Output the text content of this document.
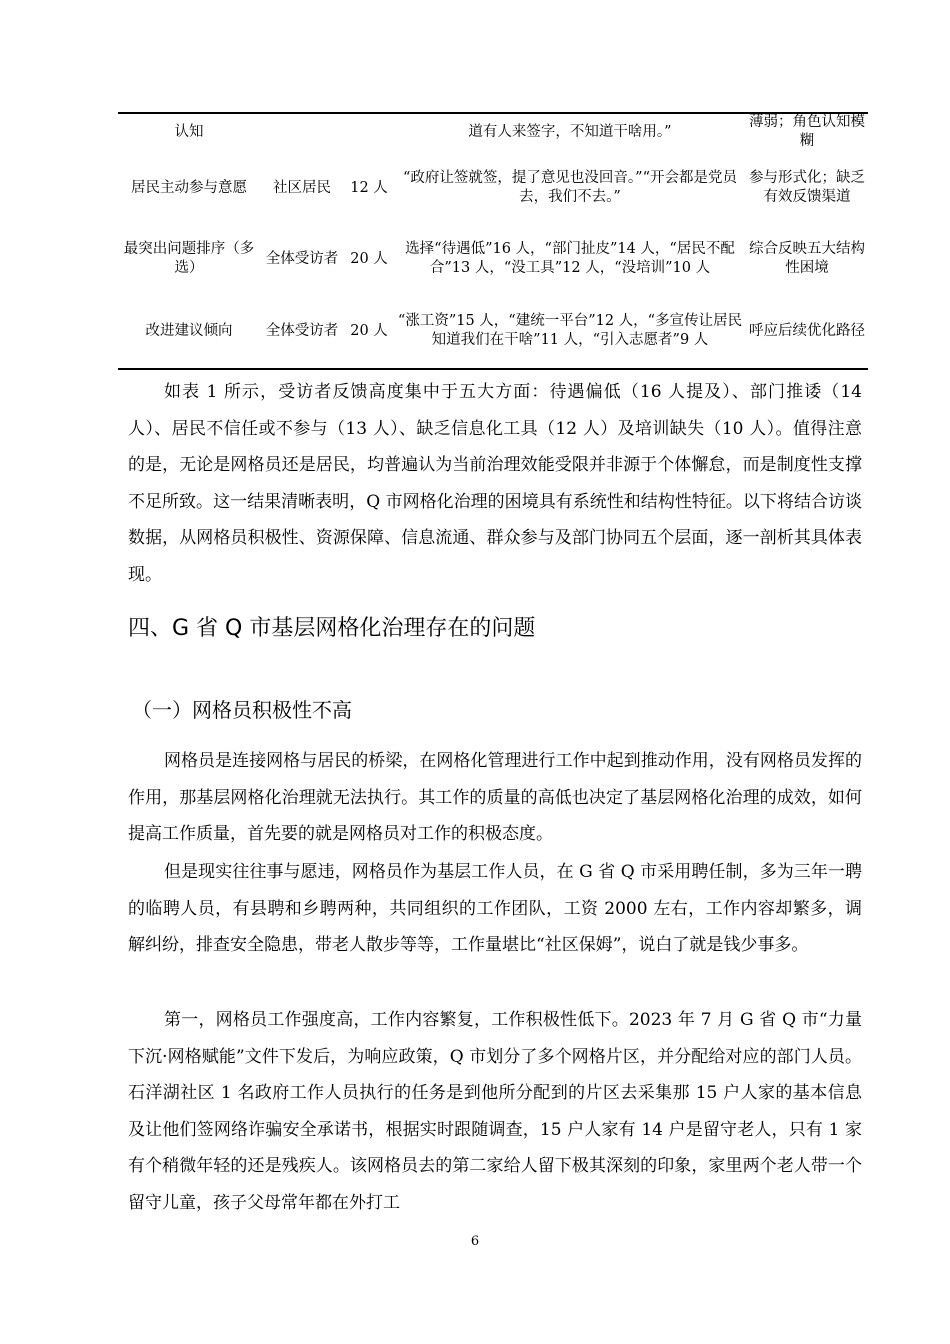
认知			道有人来签字，不知道干啥用。”	薄弱；角色认知模糊
居民主动参与意愿	社区居民	12 人	“政府让签就签，提了意见也没回音。”“开会都是党员去，我们不去。”	参与形式化；缺乏有效反馈渠道
最突出问题排序（多选）	全体受访者	20 人	选择“待遇低”16 人，“部门扯皮”14 人，“居民不配合”13 人，“没工具”12 人，“没培训”10 人	综合反映五大结构性困境
改进建议倾向	全体受访者	20 人	“涨工资”15 人，“建统一平台”12 人，“多宣传让居民知道我们在干啥”11 人，“引入志愿者”9 人	呼应后续优化路径

如表 1 所示，受访者反馈高度集中于五大方面：待遇偏低（16 人提及）、部门推诿（14 人）、居民不信任或不参与（13 人）、缺乏信息化工具（12 人）及培训缺失（10 人）。值得注意的是，无论是网格员还是居民，均普遍认为当前治理效能受限并非源于个体懈怠，而是制度性支撑不足所致。这一结果清晰表明，Q 市网格化治理的困境具有系统性和结构性特征。以下将结合访谈数据，从网格员积极性、资源保障、信息流通、群众参与及部门协同五个层面，逐一剖析其具体表现。

四、G 省 Q 市基层网格化治理存在的问题
（一）网格员积极性不高

网格员是连接网格与居民的桥梁，在网格化管理进行工作中起到推动作用，没有网格员发挥的作用，那基层网格化治理就无法执行。其工作的质量的高低也决定了基层网格化治理的成效，如何提高工作质量，首先要的就是网格员对工作的积极态度。

但是现实往往事与愿违，网格员作为基层工作人员，在 G 省 Q 市采用聘任制，多为三年一聘的临聘人员，有县聘和乡聘两种，共同组织的工作团队，工资 2000 左右，工作内容却繁多，调解纠纷，排查安全隐患，带老人散步等等，工作量堪比“社区保姆”，说白了就是钱少事多。

第一，网格员工作强度高，工作内容繁复，工作积极性低下。2023 年 7 月 G 省 Q 市“力量下沉·网格赋能”文件下发后，为响应政策，Q 市划分了多个网格片区，并分配给对应的部门人员。石洋湖社区 1 名政府工作人员执行的任务是到他所分配到的片区去采集那 15 户人家的基本信息及让他们签网络诈骗安全承诺书，根据实时跟随调查，15 户人家有 14 户是留守老人，只有 1 家有个稍微年轻的还是残疾人。该网格员去的第二家给人留下极其深刻的印象，家里两个老人带一个留守儿童，孩子父母常年都在外打工

6
